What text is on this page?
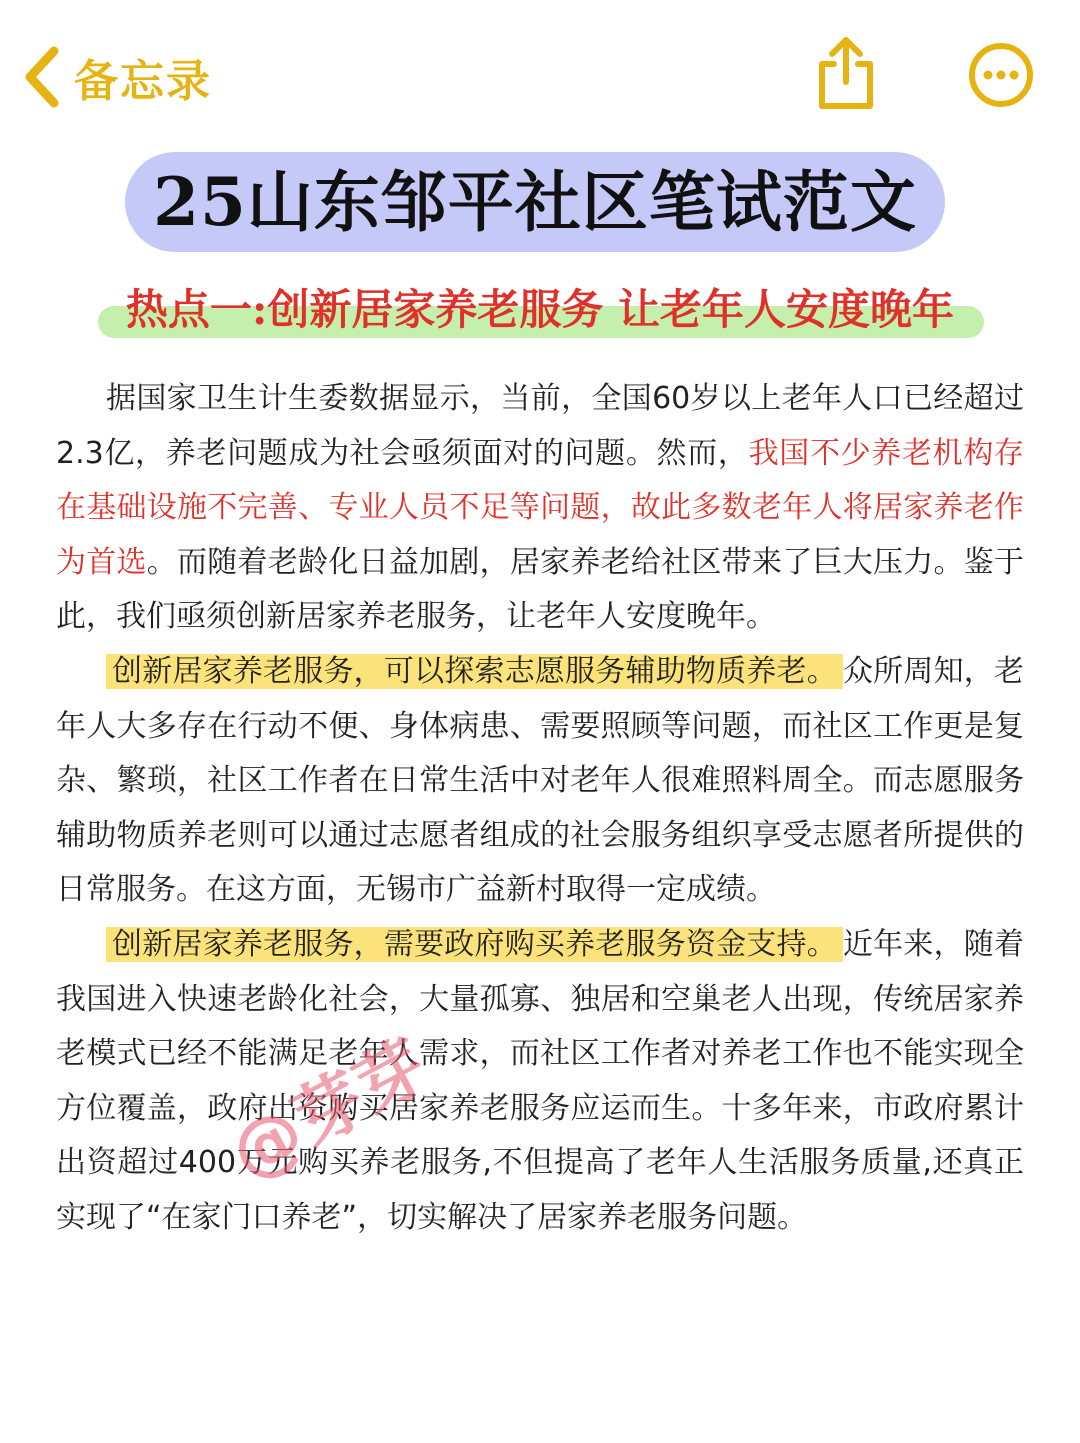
备忘录
25山东邹平社区笔试范文
热点一:创新居家养老服务 让老年人安度晚年

据国家卫生计生委数据显示，当前，全国60岁以上老年人口已经超过2.3亿，养老问题成为社会亟须面对的问题。然而，我国不少养老机构存在基础设施不完善、专业人员不足等问题，故此多数老年人将居家养老作为首选。而随着老龄化日益加剧，居家养老给社区带来了巨大压力。鉴于此，我们亟须创新居家养老服务，让老年人安度晚年。

创新居家养老服务，可以探索志愿服务辅助物质养老。 众所周知，老年人大多存在行动不便、身体病患、需要照顾等问题，而社区工作更是复杂、繁琐，社区工作者在日常生活中对老年人很难照料周全。而志愿服务辅助物质养老则可以通过志愿者组成的社会服务组织享受志愿者所提供的日常服务。在这方面，无锡市广益新村取得一定成绩。

创新居家养老服务，需要政府购买养老服务资金支持。 近年来，随着我国进入快速老龄化社会，大量孤寡、独居和空巢老人出现，传统居家养老模式已经不能满足老年人需求，而社区工作者对养老工作也不能实现全方位覆盖，政府出资购买居家养老服务应运而生。十多年来，市政府累计出资超过400万元购买养老服务,不但提高了老年人生活服务质量,还真正实现了“在家门口养老”，切实解决了居家养老服务问题。

@芽芽
